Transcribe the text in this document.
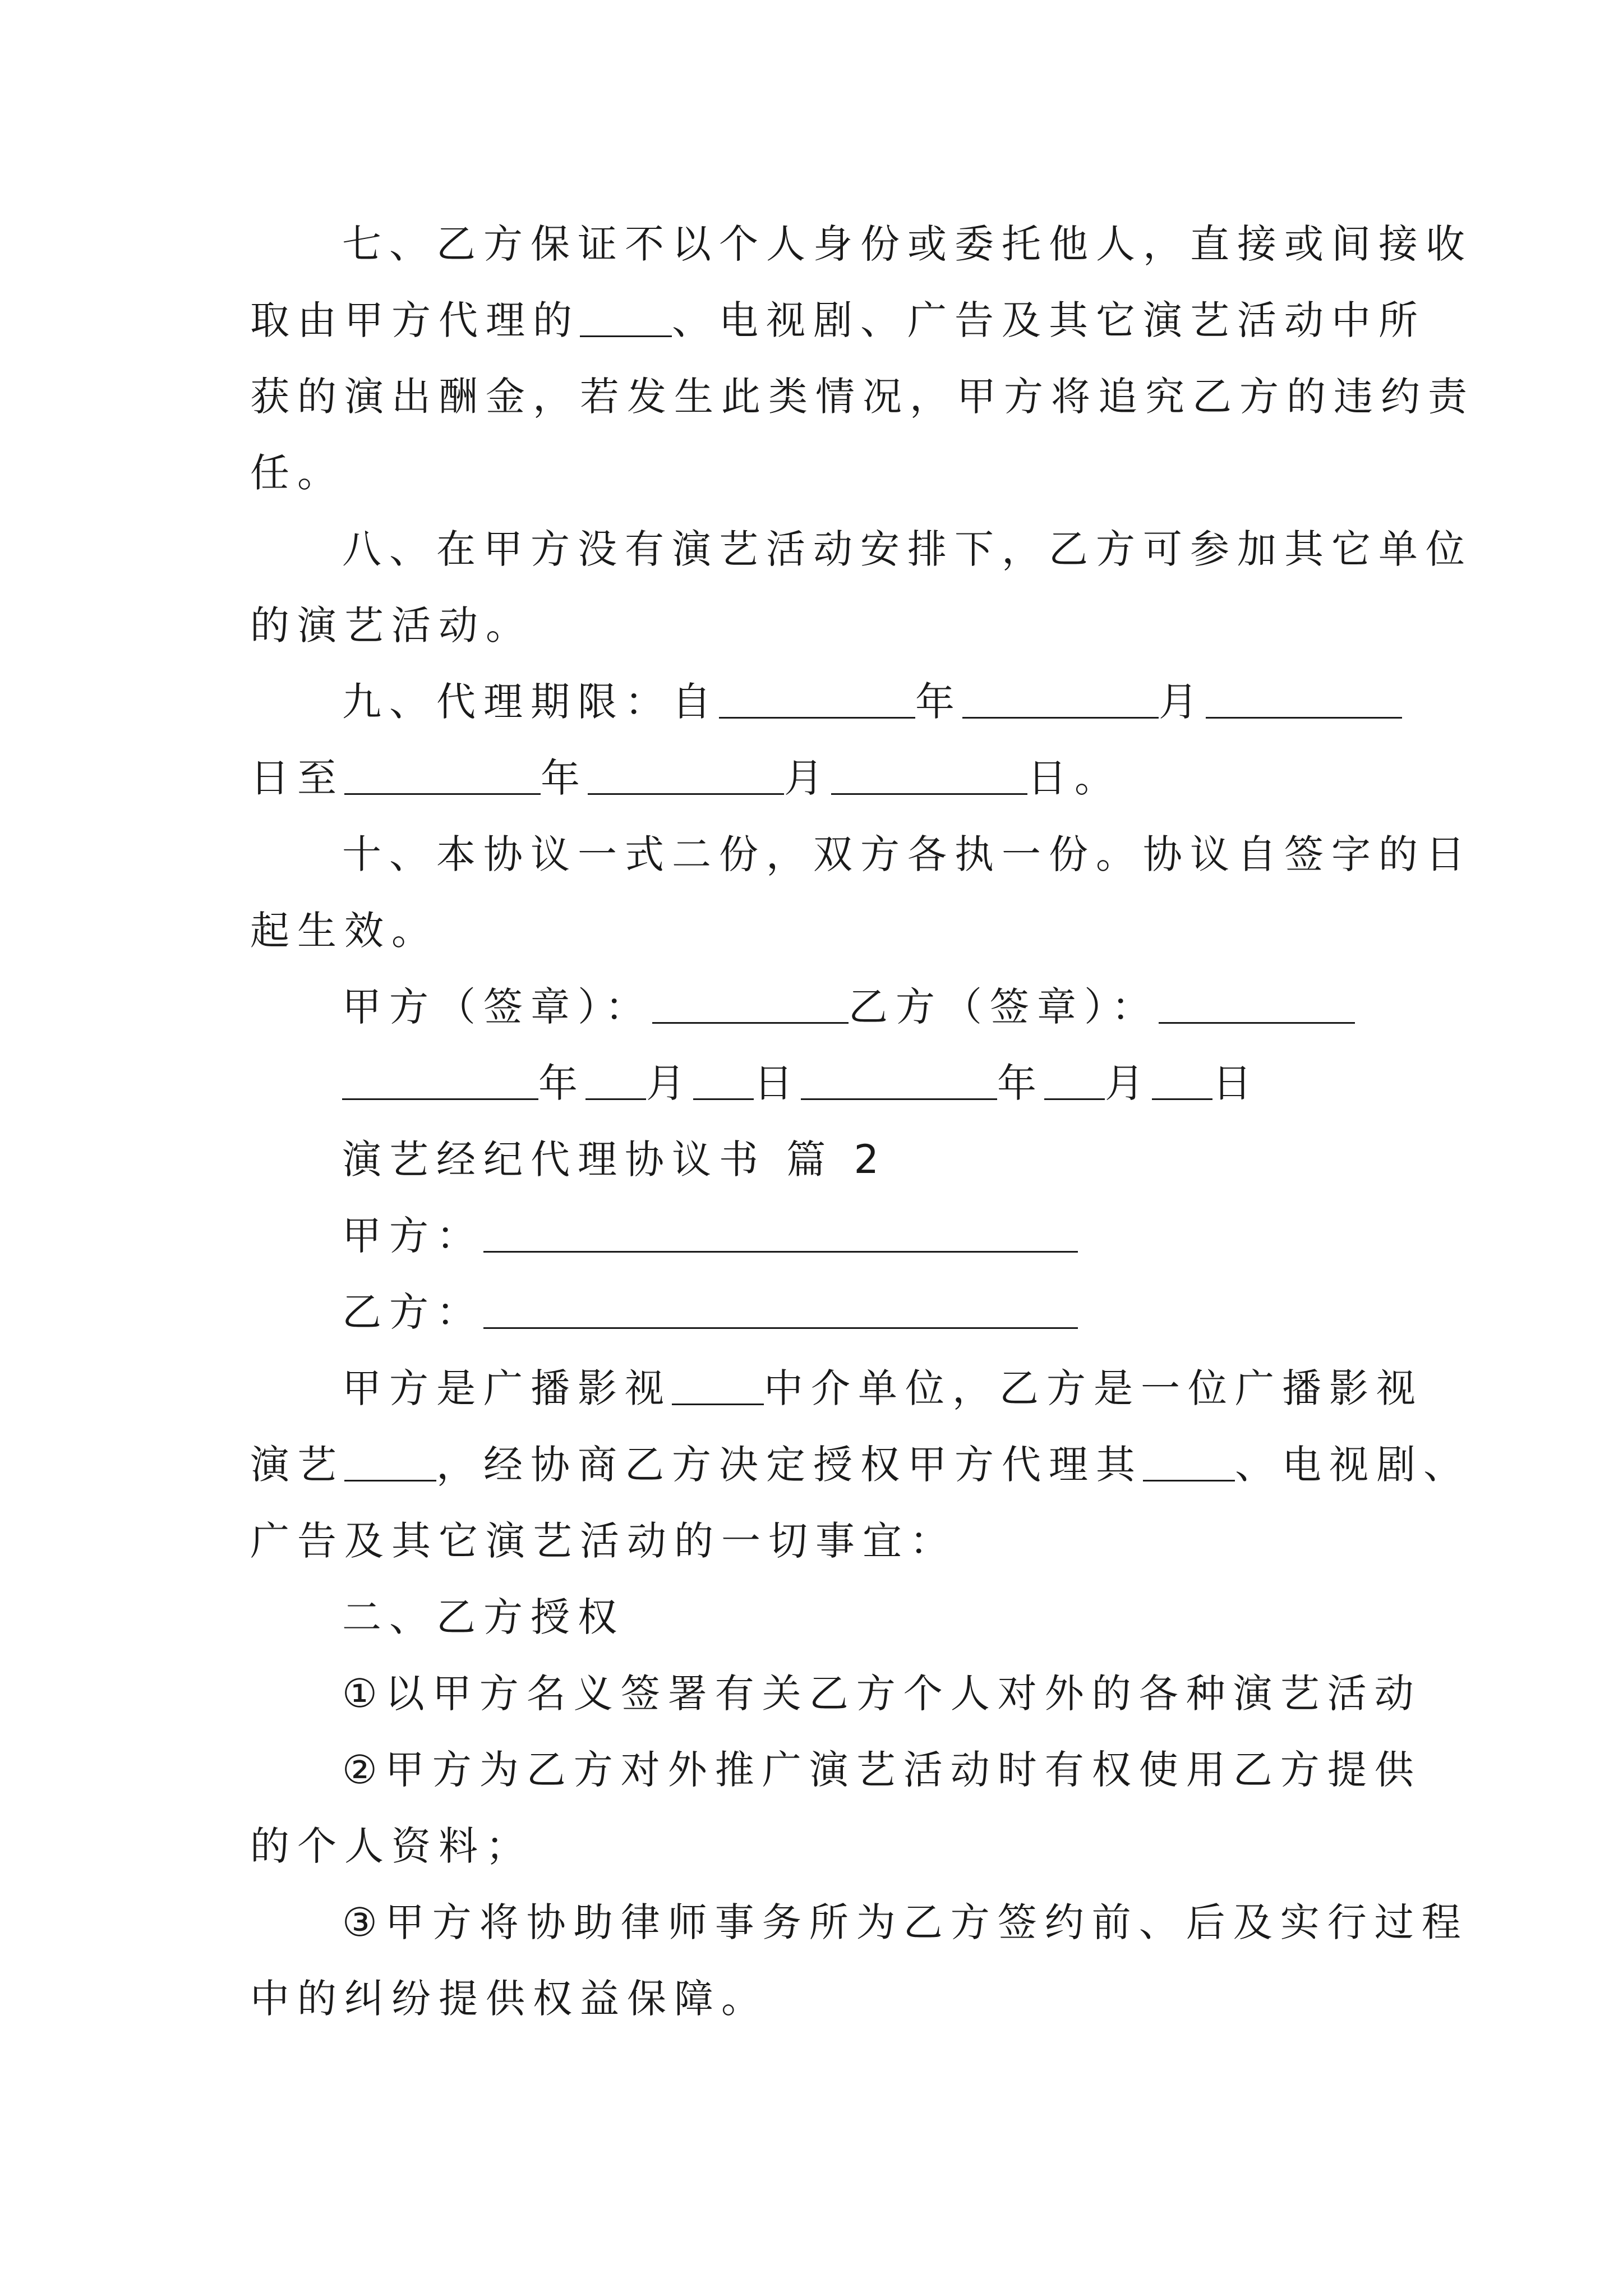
七、乙方保证不以个人身份或委托他人，直接或间接收
取由甲方代理的 、电视剧、广告及其它演艺活动中所
获的演出酬金，若发生此类情况，甲方将追究乙方的违约责
任。
八、在甲方没有演艺活动安排下，乙方可参加其它单位
的演艺活动。
九、代理期限：自	年	月
日至	年	月	日。
十、本协议一式二份，双方各执一份。协议自签字的日
起生效。
甲方（签章）：	乙方（签章）：
年 月 日	年 月 日
演艺经纪代理协议书 篇 2
甲方：
乙方：
甲方是广播影视 中介单位，乙方是一位广播影视
演艺 ，经协商乙方决定授权甲方代理其 、电视剧、
广告及其它演艺活动的一切事宜：
二、乙方授权
①以甲方名义签署有关乙方个人对外的各种演艺活动
②甲方为乙方对外推广演艺活动时有权使用乙方提供
的个人资料；
③甲方将协助律师事务所为乙方签约前、后及实行过程
中的纠纷提供权益保障。
